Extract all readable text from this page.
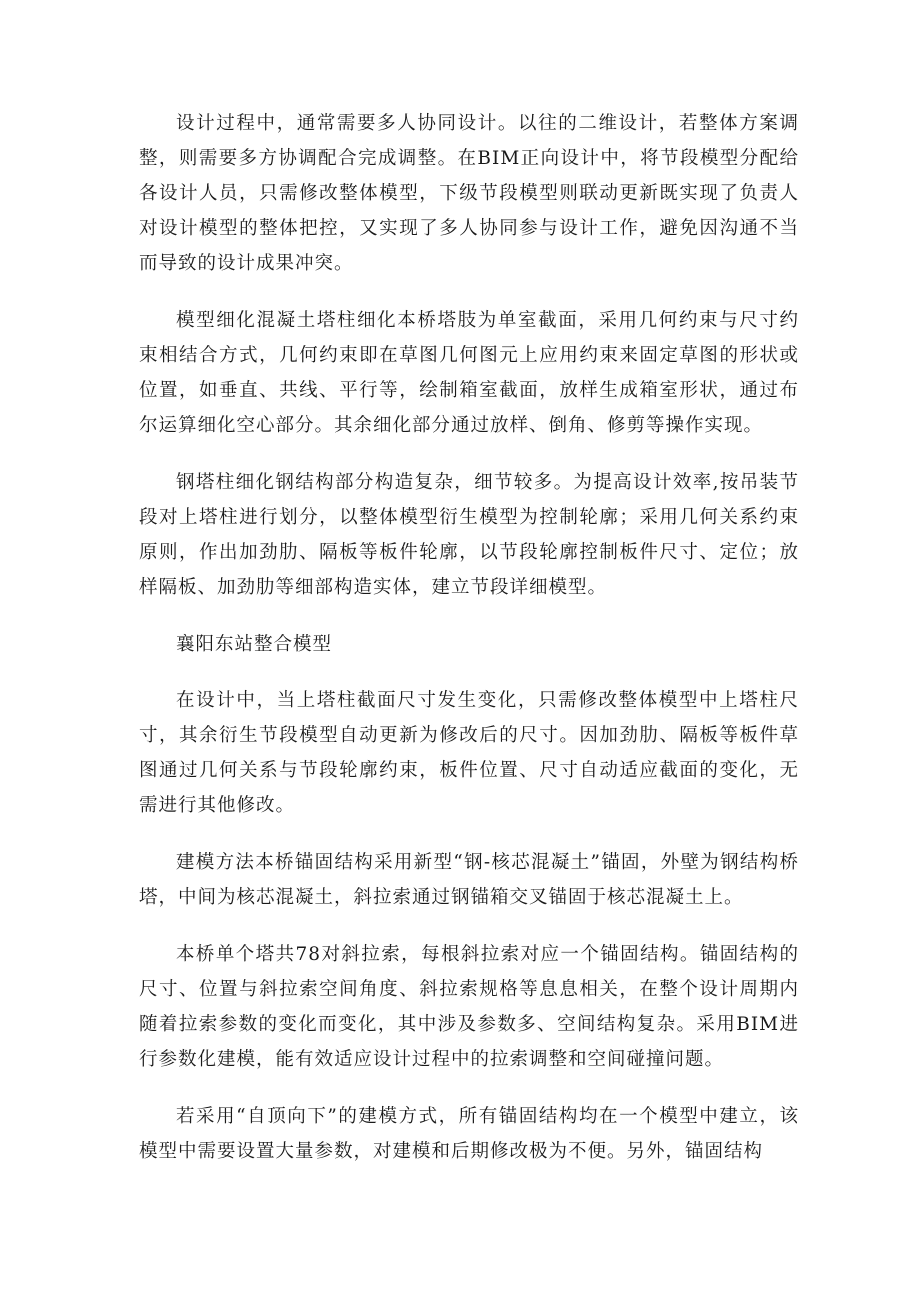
设计过程中，通常需要多人协同设计。以往的二维设计，若整体方案调整，则需要多方协调配合完成调整。在BIM正向设计中，将节段模型分配给各设计人员，只需修改整体模型，下级节段模型则联动更新既实现了负责人对设计模型的整体把控，又实现了多人协同参与设计工作，避免因沟通不当而导致的设计成果冲突。

模型细化混凝土塔柱细化本桥塔肢为单室截面，采用几何约束与尺寸约束相结合方式，几何约束即在草图几何图元上应用约束来固定草图的形状或位置，如垂直、共线、平行等，绘制箱室截面，放样生成箱室形状，通过布尔运算细化空心部分。其余细化部分通过放样、倒角、修剪等操作实现。

钢塔柱细化钢结构部分构造复杂，细节较多。为提高设计效率,按吊装节段对上塔柱进行划分，以整体模型衍生模型为控制轮廓；采用几何关系约束原则，作出加劲肋、隔板等板件轮廓，以节段轮廓控制板件尺寸、定位；放样隔板、加劲肋等细部构造实体，建立节段详细模型。

襄阳东站整合模型

在设计中，当上塔柱截面尺寸发生变化，只需修改整体模型中上塔柱尺寸，其余衍生节段模型自动更新为修改后的尺寸。因加劲肋、隔板等板件草图通过几何关系与节段轮廓约束，板件位置、尺寸自动适应截面的变化，无需进行其他修改。

建模方法本桥锚固结构采用新型“钢-核芯混凝土”锚固，外壁为钢结构桥塔，中间为核芯混凝土，斜拉索通过钢锚箱交叉锚固于核芯混凝土上。

本桥单个塔共78对斜拉索，每根斜拉索对应一个锚固结构。锚固结构的尺寸、位置与斜拉索空间角度、斜拉索规格等息息相关，在整个设计周期内随着拉索参数的变化而变化，其中涉及参数多、空间结构复杂。采用BIM进行参数化建模，能有效适应设计过程中的拉索调整和空间碰撞问题。

若采用“自顶向下”的建模方式，所有锚固结构均在一个模型中建立，该模型中需要设置大量参数，对建模和后期修改极为不便。另外，锚固结构
